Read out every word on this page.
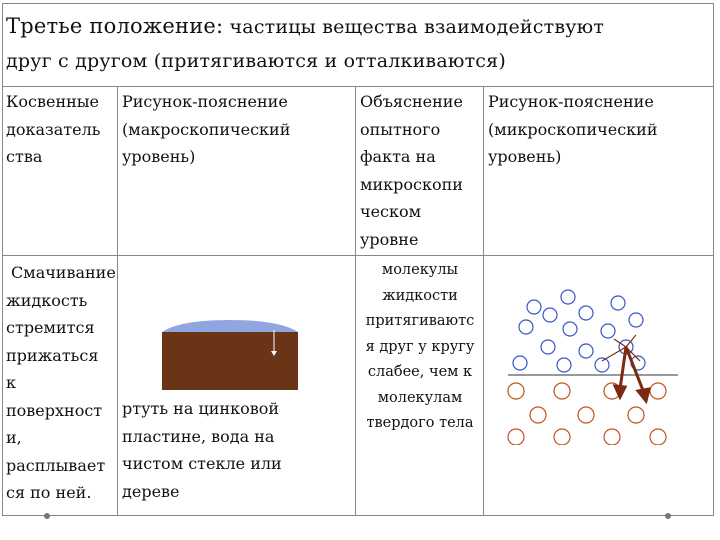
Третье положение: частицы вещества взаимодействуют
друг с другом (притягиваются и отталкиваются)
Косвенные
доказатель
ства
Рисунок-пояснение
(макроскопический
уровень)
Объяснение
опытного
факта на
микроскопи
ческом
уровне
Рисунок-пояснение
(микроскопический
уровень)
Смачивание
жидкость
стремится
прижаться
к
поверхност
и,
расплывает
ся по ней.
ртуть на цинковой
пластине, вода на
чистом стекле или
дереве
молекулы
жидкости
притягиваютс
я друг у кругу
слабее, чем к
молекулам
твердого тела
